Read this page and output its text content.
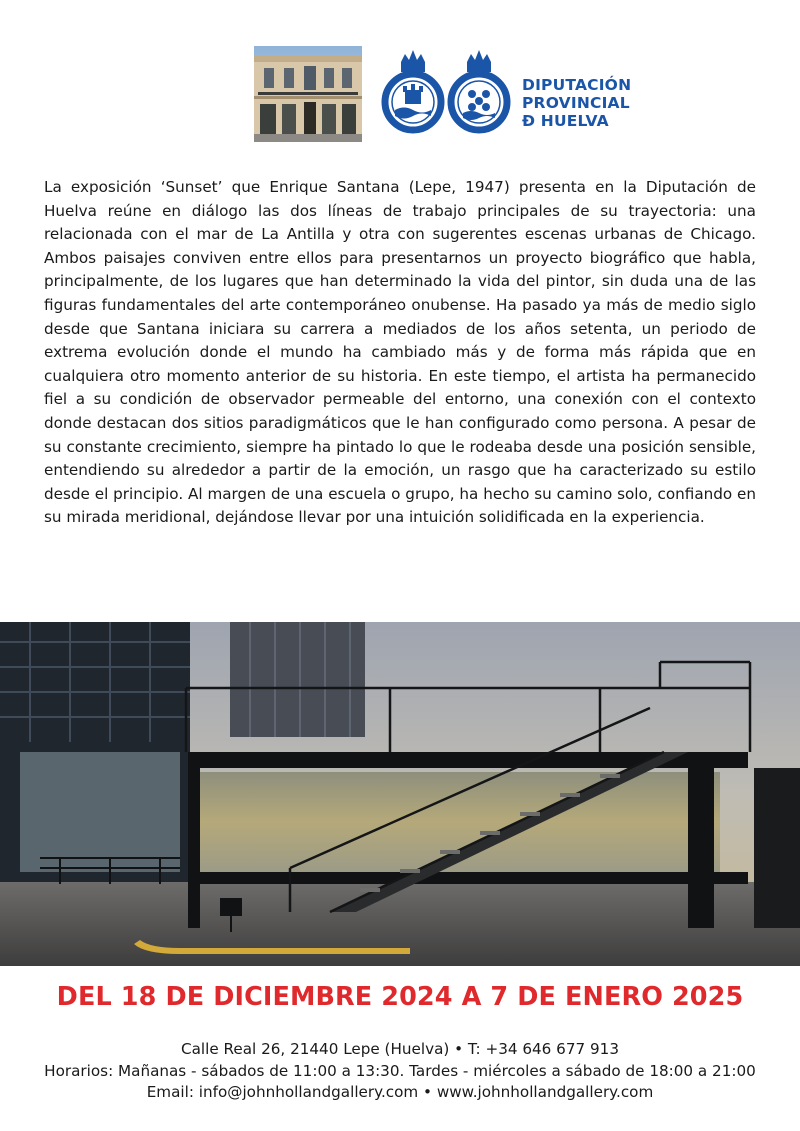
DIPUTACIÓN
PROVINCIAL
Ð HUELVA

La exposición ‘Sunset’ que Enrique Santana (Lepe, 1947) presenta en la Diputación de Huelva reúne en diálogo las dos líneas de trabajo principales de su trayectoria: una relacionada con el mar de La Antilla y otra con sugerentes escenas urbanas de Chicago. Ambos paisajes conviven entre ellos para presentarnos un proyecto biográfico que habla, principalmente, de los lugares que han determinado la vida del pintor, sin duda una de las figuras fundamentales del arte contemporáneo onubense. Ha pasado ya más de medio siglo desde que Santana iniciara su carrera a mediados de los años setenta, un periodo de extrema evolución donde el mundo ha cambiado más y de forma más rápida que en cualquiera otro momento anterior de su historia. En este tiempo, el artista ha permanecido fiel a su condición de observador permeable del entorno, una conexión con el contexto donde destacan dos sitios paradigmáticos que le han configurado como persona. A pesar de su constante crecimiento, siempre ha pintado lo que le rodeaba desde una posición sensible, entendiendo su alrededor a partir de la emoción, un rasgo que ha caracterizado su estilo desde el principio. Al margen de una escuela o grupo, ha hecho su camino solo, confiando en su mirada meridional, dejándose llevar por una intuición solidificada en la experiencia.

DEL 18 DE DICIEMBRE 2024 A 7 DE ENERO 2025
Calle Real 26, 21440 Lepe (Huelva) • T: +34 646 677 913
Horarios: Mañanas - sábados de 11:00 a 13:30. Tardes - miércoles a sábado de 18:00 a 21:00
Email: info@johnhollandgallery.com • www.johnhollandgallery.com
